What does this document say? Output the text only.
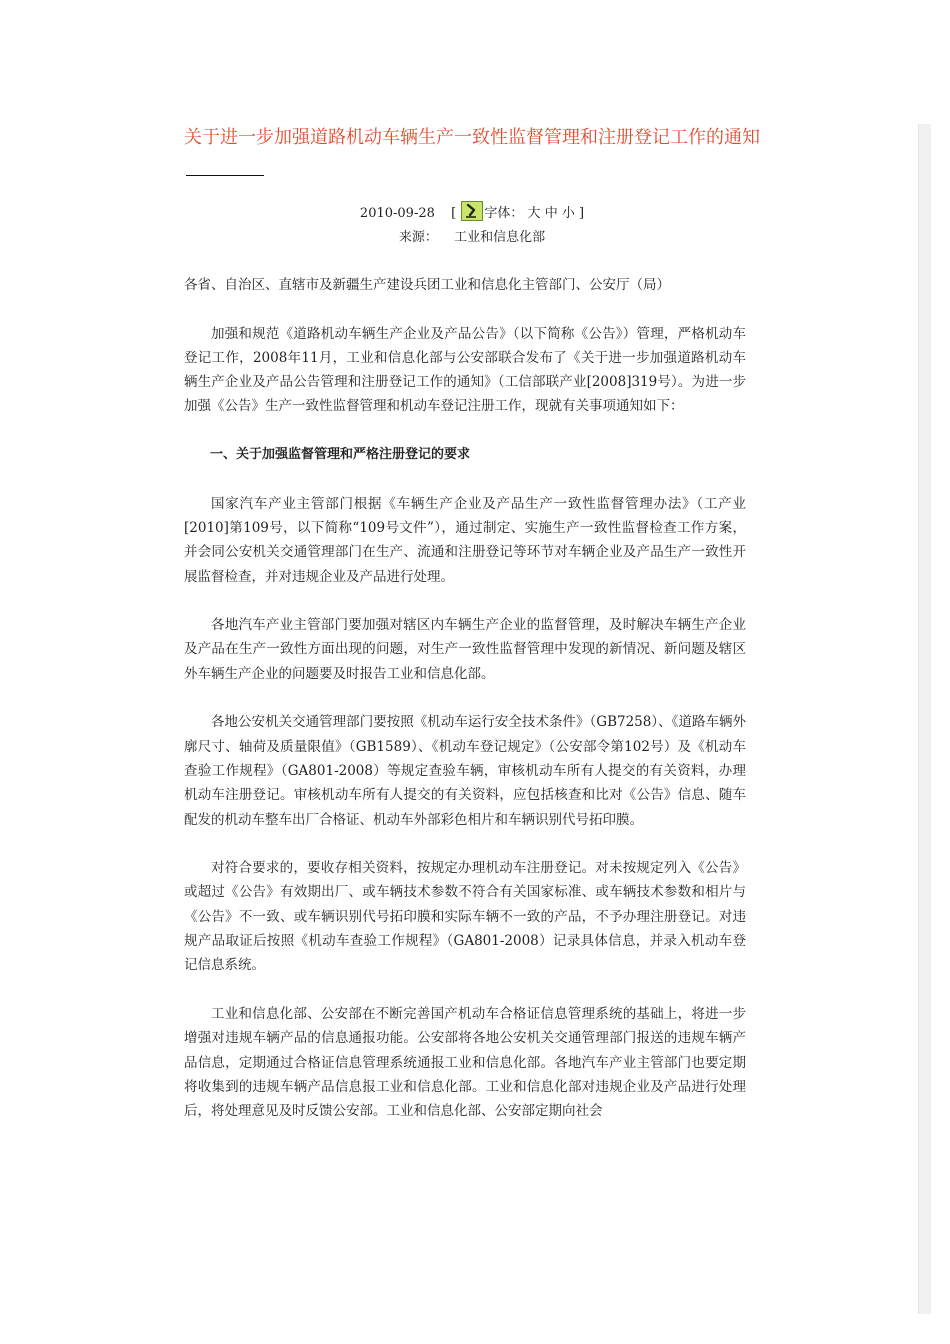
关于进一步加强道路机动车辆生产一致性监督管理和注册登记工作的通知
2010-09-28 [ 字体： 大 中 小 ]
来源： 工业和信息化部

各省、自治区、直辖市及新疆生产建设兵团工业和信息化主管部门、公安厅（局）

加强和规范《道路机动车辆生产企业及产品公告》（以下简称《公告》）管理，严格机动车登记工作，2008年11月，工业和信息化部与公安部联合发布了《关于进一步加强道路机动车辆生产企业及产品公告管理和注册登记工作的通知》（工信部联产业[2008]319号）。为进一步加强《公告》生产一致性监督管理和机动车登记注册工作，现就有关事项通知如下：

一、关于加强监督管理和严格注册登记的要求

国家汽车产业主管部门根据《车辆生产企业及产品生产一致性监督管理办法》（工产业[2010]第109号，以下简称“109号文件”），通过制定、实施生产一致性监督检查工作方案，并会同公安机关交通管理部门在生产、流通和注册登记等环节对车辆企业及产品生产一致性开展监督检查，并对违规企业及产品进行处理。

各地汽车产业主管部门要加强对辖区内车辆生产企业的监督管理，及时解决车辆生产企业及产品在生产一致性方面出现的问题，对生产一致性监督管理中发现的新情况、新问题及辖区外车辆生产企业的问题要及时报告工业和信息化部。

各地公安机关交通管理部门要按照《机动车运行安全技术条件》（GB7258）、《道路车辆外廓尺寸、轴荷及质量限值》（GB1589）、《机动车登记规定》（公安部令第102号）及《机动车查验工作规程》（GA801-2008）等规定查验车辆，审核机动车所有人提交的有关资料，办理机动车注册登记。审核机动车所有人提交的有关资料，应包括核查和比对《公告》信息、随车配发的机动车整车出厂合格证、机动车外部彩色相片和车辆识别代号拓印膜。

对符合要求的，要收存相关资料，按规定办理机动车注册登记。对未按规定列入《公告》或超过《公告》有效期出厂、或车辆技术参数不符合有关国家标准、或车辆技术参数和相片与《公告》不一致、或车辆识别代号拓印膜和实际车辆不一致的产品，不予办理注册登记。对违规产品取证后按照《机动车查验工作规程》（GA801-2008）记录具体信息，并录入机动车登记信息系统。

工业和信息化部、公安部在不断完善国产机动车合格证信息管理系统的基础上，将进一步增强对违规车辆产品的信息通报功能。公安部将各地公安机关交通管理部门报送的违规车辆产品信息，定期通过合格证信息管理系统通报工业和信息化部。各地汽车产业主管部门也要定期将收集到的违规车辆产品信息报工业和信息化部。工业和信息化部对违规企业及产品进行处理后，将处理意见及时反馈公安部。工业和信息化部、公安部定期向社会
